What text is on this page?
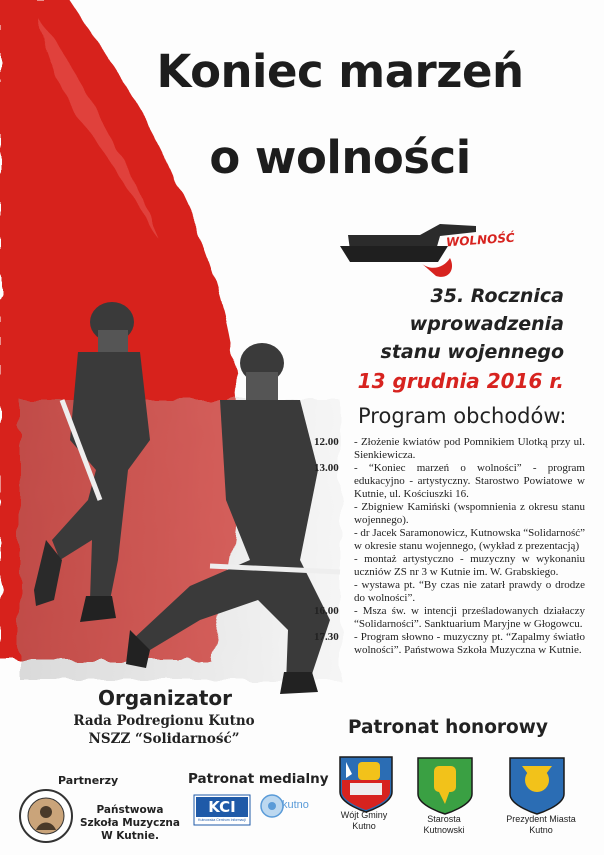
Koniec marzeń
o wolności
WOLNOŚĆ
35. Rocznica
wprowadzenia
stanu wojennego
13 grudnia 2016 r.
Program obchodów:
12.00	- Złożenie kwiatów pod Pomnikiem Ulotką przy ul. Sienkiewicza.
13.00	- “Koniec marzeń o wolności” - program edukacyjno - artystyczny. Starostwo Powiatowe w Kutnie, ul. Kościuszki 16.
- Zbigniew Kamiński (wspomnienia z okresu stanu wojennego).
- dr Jacek Saramonowicz, Kutnowska “Solidarność” w okresie stanu wojennego, (wykład z prezentacją)
- montaż artystyczno - muzyczny w wykonaniu uczniów ZS nr 3 w Kutnie im. W. Grabskiego.
- wystawa pt. “By czas nie zatarł prawdy o drodze do wolności”.
16.00	- Msza św. w intencji prześladowanych działaczy “Solidarności”. Sanktuarium Maryjne w Głogowcu.
17.30	- Program słowno - muzyczny pt. “Zapalmy światło wolności”. Państwowa Szkoła Muzyczna w Kutnie.
Organizator
Rada Podregionu Kutno
NSZZ “Solidarność”
Patronat honorowy
Partnerzy	Patronat medialny
Państwowa Szkoła Muzyczna W Kutnie.
KCI
Kutnowska Centrum Informacji
kutno
Wójt Gminy Kutno
Starosta Kutnowski
Prezydent Miasta Kutno
